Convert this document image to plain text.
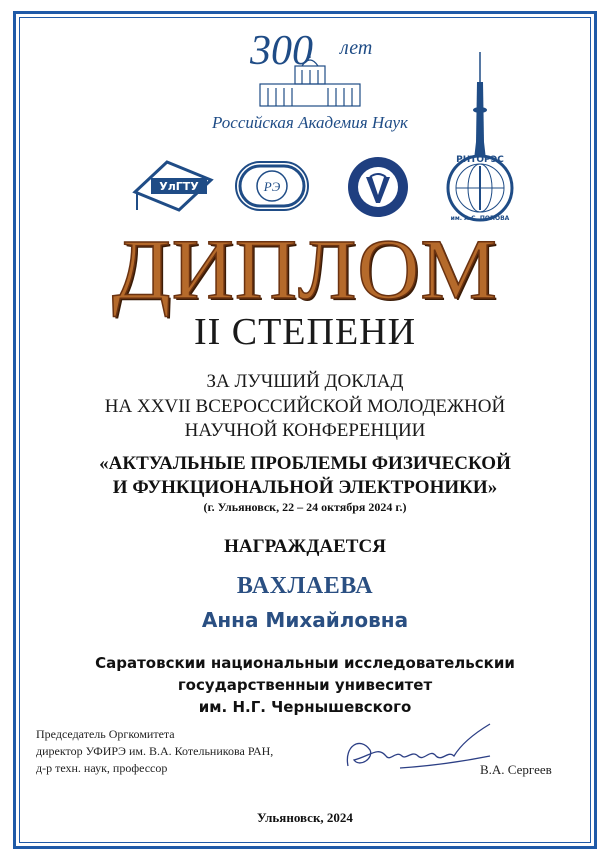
300 лет
Российская Академия Наук
УлГТУ	РЭ
РНТОРЭС
им. А.С. ПОПОВА
ДИПЛОМ
II СТЕПЕНИ
ЗА ЛУЧШИЙ ДОКЛАД
НА XXVII ВСЕРОССИЙСКОЙ МОЛОДЕЖНОЙ
НАУЧНОЙ КОНФЕРЕНЦИИ
«АКТУАЛЬНЫЕ ПРОБЛЕМЫ ФИЗИЧЕСКОЙ
И ФУНКЦИОНАЛЬНОЙ ЭЛЕКТРОНИКИ»
(г. Ульяновск, 22 – 24 октября 2024 г.)
НАГРАЖДАЕТСЯ
ВАХЛАЕВА
Анна Михайловна
Саратовскии национальныи исследовательскии
государственныи унивеситет
им. Н.Г. Чернышевского
Председатель Оргкомитета
директор УФИРЭ им. В.А. Котельникова РАН,
д-р техн. наук, профессор	В.А. Сергеев
Ульяновск, 2024
